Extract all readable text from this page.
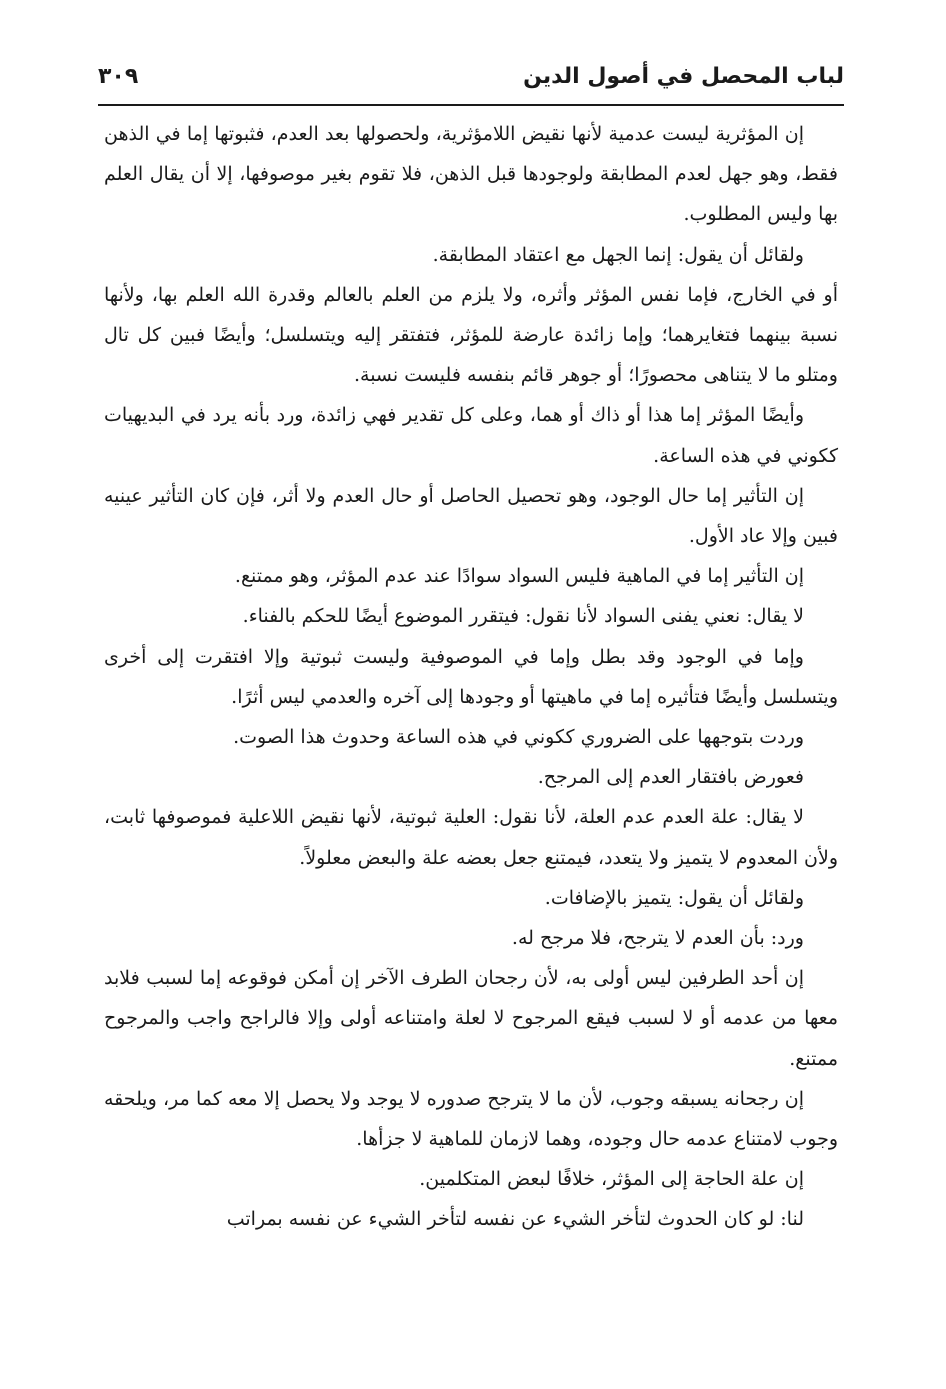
لباب المحصل في أصول الدين
٣٠٩

إن المؤثرية ليست عدمية لأنها نقيض اللامؤثرية، ولحصولها بعد العدم، فثبوتها إما في الذهن فقط، وهو جهل لعدم المطابقة ولوجودها قبل الذهن، فلا تقوم بغير موصوفها، إلا أن يقال العلم بها وليس المطلوب.

ولقائل أن يقول: إنما الجهل مع اعتقاد المطابقة.

أو في الخارج، فإما نفس المؤثر وأثره، ولا يلزم من العلم بالعالم وقدرة الله العلم بها، ولأنها نسبة بينهما فتغايرهما؛ وإما زائدة عارضة للمؤثر، فتفتقر إليه ويتسلسل؛ وأيضًا فبين كل تال ومتلو ما لا يتناهى محصورًا؛ أو جوهر قائم بنفسه فليست نسبة.

وأيضًا المؤثر إما هذا أو ذاك أو هما، وعلى كل تقدير فهي زائدة، ورد بأنه يرد في البديهيات ككوني في هذه الساعة.

إن التأثير إما حال الوجود، وهو تحصيل الحاصل أو حال العدم ولا أثر، فإن كان التأثير عينيه فبين وإلا عاد الأول.

إن التأثير إما في الماهية فليس السواد سوادًا عند عدم المؤثر، وهو ممتنع.

لا يقال: نعني يفنى السواد لأنا نقول: فيتقرر الموضوع أيضًا للحكم بالفناء.

وإما في الوجود وقد بطل وإما في الموصوفية وليست ثبوتية وإلا افتقرت إلى أخرى ويتسلسل وأيضًا فتأثيره إما في ماهيتها أو وجودها إلى آخره والعدمي ليس أثرًا.

وردت بتوجهها على الضروري ككوني في هذه الساعة وحدوث هذا الصوت.

فعورض بافتقار العدم إلى المرجح.

لا يقال: علة العدم عدم العلة، لأنا نقول: العلية ثبوتية، لأنها نقيض اللاعلية فموصوفها ثابت، ولأن المعدوم لا يتميز ولا يتعدد، فيمتنع جعل بعضه علة والبعض معلولاً.

ولقائل أن يقول: يتميز بالإضافات.

ورد: بأن العدم لا يترجح، فلا مرجح له.

إن أحد الطرفين ليس أولى به، لأن رجحان الطرف الآخر إن أمكن فوقوعه إما لسبب فلابد معها من عدمه أو لا لسبب فيقع المرجوح لا لعلة وامتناعه أولى وإلا فالراجح واجب والمرجوح ممتنع.

إن رجحانه يسبقه وجوب، لأن ما لا يترجح صدوره لا يوجد ولا يحصل إلا معه كما مر، ويلحقه وجوب لامتناع عدمه حال وجوده، وهما لازمان للماهية لا جزأها.

إن علة الحاجة إلى المؤثر، خلافًا لبعض المتكلمين.

لنا: لو كان الحدوث لتأخر الشيء عن نفسه لتأخر الشيء عن نفسه بمراتب
